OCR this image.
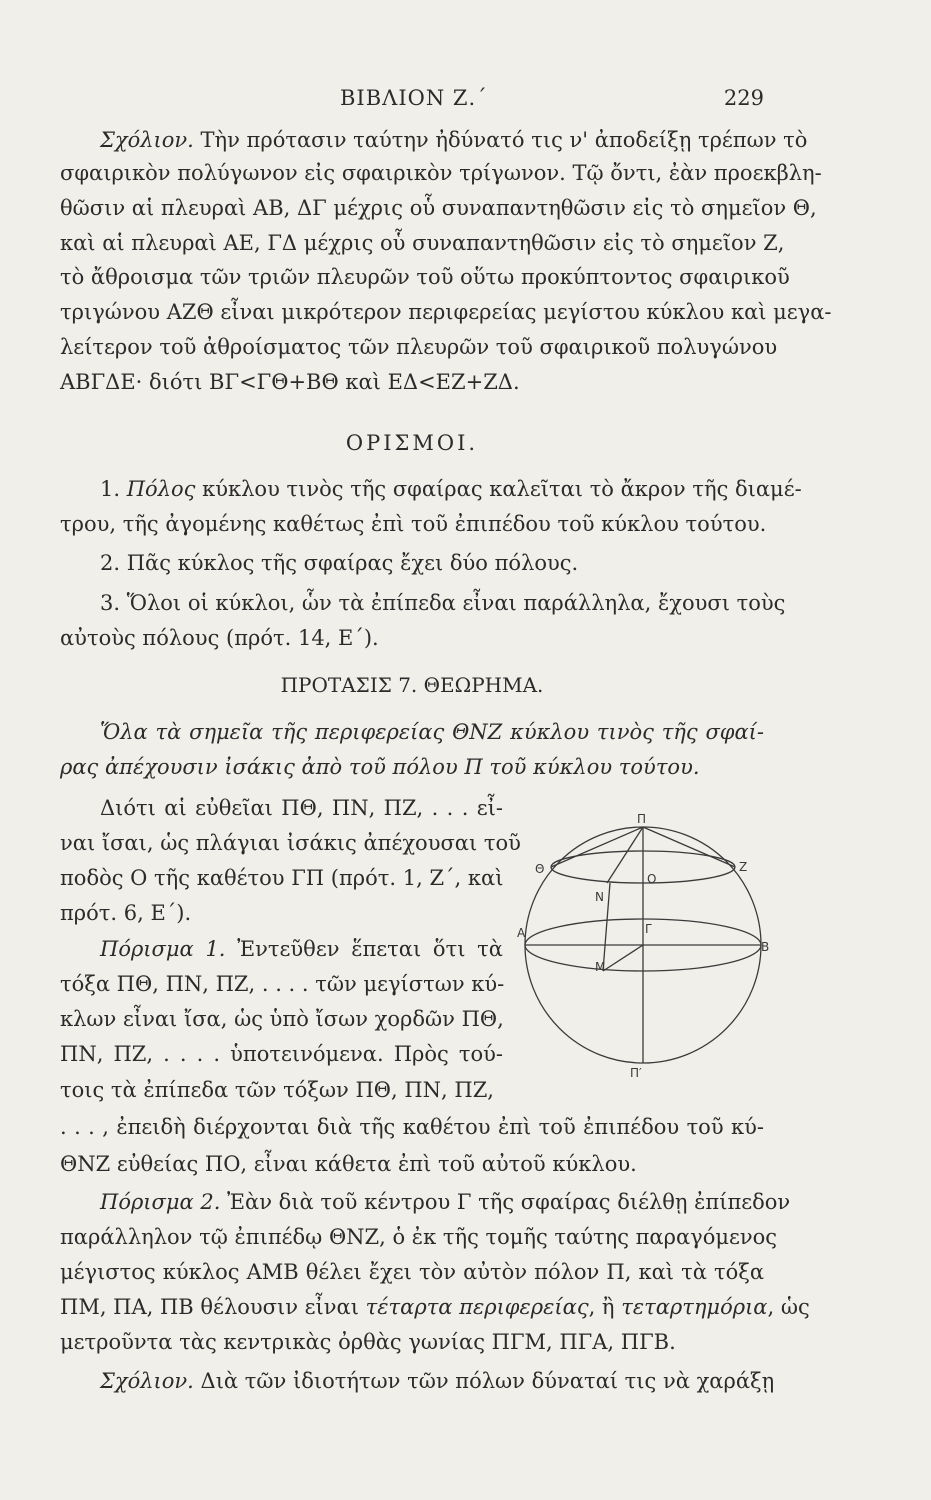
ΒΙΒΛΙΟΝ Ζ.΄	229
Σχόλιον. Τὴν πρότασιν ταύτην ἠδύνατό τις ν' ἀποδείξῃ τρέπων τὸ
σφαιρικὸν πολύγωνον εἰς σφαιρικὸν τρίγωνον. Τῷ ὄντι, ἐὰν προεκβλη-
θῶσιν αἱ πλευραὶ ΑΒ, ΔΓ μέχρις οὗ συναπαντηθῶσιν εἰς τὸ σημεῖον Θ,
καὶ αἱ πλευραὶ ΑΕ, ΓΔ μέχρις οὗ συναπαντηθῶσιν εἰς τὸ σημεῖον Ζ,
τὸ ἄθροισμα τῶν τριῶν πλευρῶν τοῦ οὕτω προκύπτοντος σφαιρικοῦ
τριγώνου ΑΖΘ εἶναι μικρότερον περιφερείας μεγίστου κύκλου καὶ μεγα-
λείτερον τοῦ ἀθροίσματος τῶν πλευρῶν τοῦ σφαιρικοῦ πολυγώνου
ΑΒΓΔΕ· διότι ΒΓ<ΓΘ+ΒΘ καὶ ΕΔ<ΕΖ+ΖΔ.
ΟΡΙΣΜΟΙ.
1. Πόλος κύκλου τινὸς τῆς σφαίρας καλεῖται τὸ ἄκρον τῆς διαμέ-
τρου, τῆς ἀγομένης καθέτως ἐπὶ τοῦ ἐπιπέδου τοῦ κύκλου τούτου.
2. Πᾶς κύκλος τῆς σφαίρας ἔχει δύο πόλους.
3. Ὅλοι οἱ κύκλοι, ὧν τὰ ἐπίπεδα εἶναι παράλληλα, ἔχουσι τοὺς
αὐτοὺς πόλους (πρότ. 14, Ε΄).
ΠΡΟΤΑΣΙΣ 7. ΘΕΩΡΗΜΑ.
Ὅλα τὰ σημεῖα τῆς περιφερείας ΘΝΖ κύκλου τινὸς τῆς σφαί-
ρας ἀπέχουσιν ἰσάκις ἀπὸ τοῦ πόλου Π τοῦ κύκλου τούτου.
Διότι αἱ εὐθεῖαι ΠΘ, ΠΝ, ΠΖ, . . . εἶ-
ναι ἴσαι, ὡς πλάγιαι ἰσάκις ἀπέχουσαι τοῦ
ποδὸς Ο τῆς καθέτου ΓΠ (πρότ. 1, Ζ΄, καὶ
πρότ. 6, Ε΄).
Πόρισμα 1. Ἐντεῦθεν ἕπεται ὅτι τὰ
τόξα ΠΘ, ΠΝ, ΠΖ, . . . . τῶν μεγίστων κύ-
κλων εἶναι ἴσα, ὡς ὑπὸ ἴσων χορδῶν ΠΘ,
ΠΝ, ΠΖ, . . . . ὑποτεινόμενα. Πρὸς τού-
τοις τὰ ἐπίπεδα τῶν τόξων ΠΘ, ΠΝ, ΠΖ,
. . . , ἐπειδὴ διέρχονται διὰ τῆς καθέτου ἐπὶ τοῦ ἐπιπέδου τοῦ κύ-
ΘΝΖ εὐθείας ΠΟ, εἶναι κάθετα ἐπὶ τοῦ αὐτοῦ κύκλου.
Πόρισμα 2. Ἐὰν διὰ τοῦ κέντρου Γ τῆς σφαίρας διέλθῃ ἐπίπεδον
παράλληλον τῷ ἐπιπέδῳ ΘΝΖ, ὁ ἐκ τῆς τομῆς ταύτης παραγόμενος
μέγιστος κύκλος ΑΜΒ θέλει ἔχει τὸν αὐτὸν πόλον Π, καὶ τὰ τόξα
ΠΜ, ΠΑ, ΠΒ θέλουσιν εἶναι τέταρτα περιφερείας, ἢ τεταρτημόρια, ὡς
μετροῦντα τὰς κεντρικὰς ὀρθὰς γωνίας ΠΓΜ, ΠΓΑ, ΠΓΒ.
Σχόλιον. Διὰ τῶν ἰδιοτήτων τῶν πόλων δύναταί τις νὰ χαράξῃ
Π
Θ	Ζ
Ο
Ν
Α
Β
Γ
Μ
Π′
